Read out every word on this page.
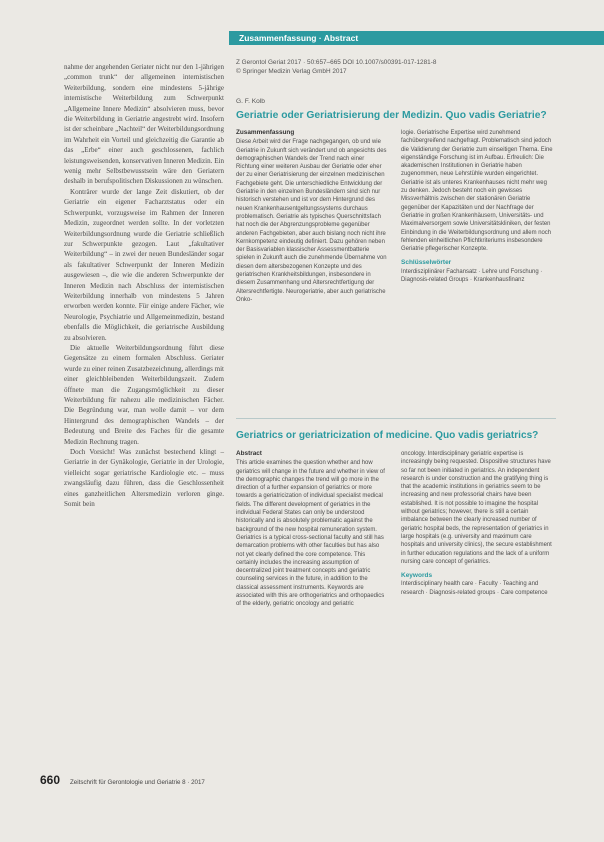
nahme der angehenden Geriater nicht nur den 1-jährigen „common trunk“ der allgemeinen internistischen Weiterbildung, sondern eine mindestens 5-jährige internistische Weiterbildung zum Schwerpunkt „Allgemeine Innere Medizin“ absolvieren muss, bevor die Weiterbildung in Geriatrie angestrebt wird. Insofern ist der scheinbare „Nachteil“ der Weiterbildungsordnung im Wahrheit ein Vorteil und gleichzeitig die Garantie ab das „Erbe“ einer auch geschlossenen, fachlich leistungsweisenden, konservativen Inneren Medizin. Ein wenig mehr Selbstbewusstsein wäre den Geriatern deshalb in berufspolitischen Diskussionen zu wünschen.

Konträrer wurde der lange Zeit diskutiert, ob der Geriatrie ein eigener Facharztstatus oder ein Schwerpunkt, vorzugsweise im Rahmen der Inneren Medizin, zugeordnet werden sollte. In der vorletzten Weiterbildungsordnung wurde die Geriatrie schließlich zur Schwerpunkte gezogen. Laut „fakultativer Weiterbildung“ – in zwei der neuen Bundesländer sogar als fakultativer Schwerpunkt der Inneren Medizin ausgewiesen –, die wie die anderen Schwerpunkte der Inneren Medizin nach Abschluss der internistischen Weiterbildung innerhalb von mindestens 5 Jahren erworben werden konnte. Für einige andere Fächer, wie Neurologie, Psychiatrie und Allgemeinmedizin, bestand ebenfalls die Möglichkeit, die geriatrische Ausbildung zu absolvieren.

Die aktuelle Weiterbildungsordnung führt diese Gegensätze zu einem formalen Abschluss. Geriater wurde zu einer reinen Zusatzbezeichnung, allerdings mit einer gleichbleibenden Weiterbildungszeit. Zudem öffnete man die Zugangsmöglichkeit zu dieser Weiterbildung für nahezu alle medizinischen Fächer. Die Begründung war, man wolle damit – vor dem Hintergrund des demographischen Wandels – der Bedeutung und Breite des Faches für die gesamte Medizin Rechnung tragen.

Doch Vorsicht! Was zunächst bestechend klingt – Geriatrie in der Gynäkologie, Geriatrie in der Urologie, vielleicht sogar geriatrische Kardiologie etc. – muss zwangsläufig dazu führen, dass die Geschlossenheit eines ganzheitlichen Altersmedizin verloren ginge. Somit bein

660 Zeitschrift für Gerontologie und Geriatrie 8 · 2017
Zusammenfassung · Abstract
Z Gerontol Geriat 2017 · 50:657–665 DOI 10.1007/s00391-017-1281-8
© Springer Medizin Verlag GmbH 2017
G. F. Kolb
Geriatrie oder Geriatrisierung der Medizin. Quo vadis Geriatrie?
Zusammenfassung

Diese Arbeit wird der Frage nachgegangen, ob und wie Geriatrie in Zukunft sich verändert und ob angesichts des demographischen Wandels der Trend nach einer Richtung einer weiteren Ausbau der Geriatrie oder eher der zu einer Geriatrisierung der einzelnen medizinischen Fachgebiete geht. Die unterschiedliche Entwicklung der Geriatrie in den einzelnen Bundesländern sind sich nur historisch verstehen und ist vor dem Hintergrund des neuen Krankenhausentgeltungssystems durchaus problematisch. Geriatrie als typisches Querschnittsfach hat noch die der Abgrenzungsprobleme gegenüber anderen Fachgebieten, aber auch bislang noch nicht ihre Kernkompetenz eindeutig definiert. Dazu gehören neben der Basisvariablen klassischer Assessmentbatterie spielen in Zukunft auch die zunehmende Übernahme von diesen dem altersbezogenen Konzepte und des geriatrischen Krankheitsbildungen, insbesondere in diesem Zusammenhang und Altersrechtfertigung der Altersrechtfertigte. Neurogeriatrie, aber auch geriatrische Onko-

logie. Geriatrische Expertise wird zunehmend fachübergreifend nachgefragt. Problematisch sind jedoch die Validierung der Geriatrie zum einseitigen Thema. Eine eigenständige Forschung ist im Aufbau. Erfreulich: Die akademischen Institutionen in Geriatrie haben zugenommen, neue Lehrstühle wurden eingerichtet. Geriatrie ist als unteres Krankenhauses nicht mehr weg zu denken. Jedoch besteht noch ein gewisses Missverhältnis zwischen der stationären Geriatrie gegenüber der Kapazitäten und der Nachfrage der Geriatrie in großen Krankenhäusern, Universitäts- und Maximalversorgern sowie Universitätskliniken, der festen Einbindung in die Weiterbildungsordnung und allem noch fehlenden einheitlichen Pflichtkriteriums insbesondere Geriatrie pflegerischer Konzepte.

Schlüsselwörter

Interdisziplinärer Fachansatz · Lehre und Forschung · Diagnosis-related Groups · Krankenhausfinanz

Geriatrics or geriatricization of medicine. Quo vadis geriatrics?
Abstract

This article examines the question whether and how geriatrics will change in the future and whether in view of the demographic changes the trend will go more in the direction of a further expansion of geriatrics or more towards a geriatricization of individual specialist medical fields. The different development of geriatrics in the individual Federal States can only be understood historically and is absolutely problematic against the background of the new hospital remuneration system. Geriatrics is a typical cross-sectional faculty and still has demarcation problems with other faculties but has also not yet clearly defined the core competence. This certainly includes the increasing assumption of decentralized joint treatment concepts and geriatric counseling services in the future, in addition to the classical assessment instruments. Keywords are associated with this are orthogeriatrics and orthopaedics of the elderly, geriatric oncology and geriatric

oncology. Interdisciplinary geriatric expertise is increasingly being requested. Dispositive structures have so far not been initiated in geriatrics. An independent research is under construction and the gratifying thing is that the academic institutions in geriatrics seem to be increasing and new professorial chairs have been established. It is not possible to imagine the hospital without geriatrics; however, there is still a certain imbalance between the clearly increased number of geriatric hospital beds, the representation of geriatrics in large hospitals (e.g. university and maximum care hospitals and university clinics), the secure establishment in further education regulations and the lack of a uniform nursing care concept of geriatrics.

Keywords

Interdisciplinary health care · Faculty · Teaching and research · Diagnosis-related groups · Care competence
